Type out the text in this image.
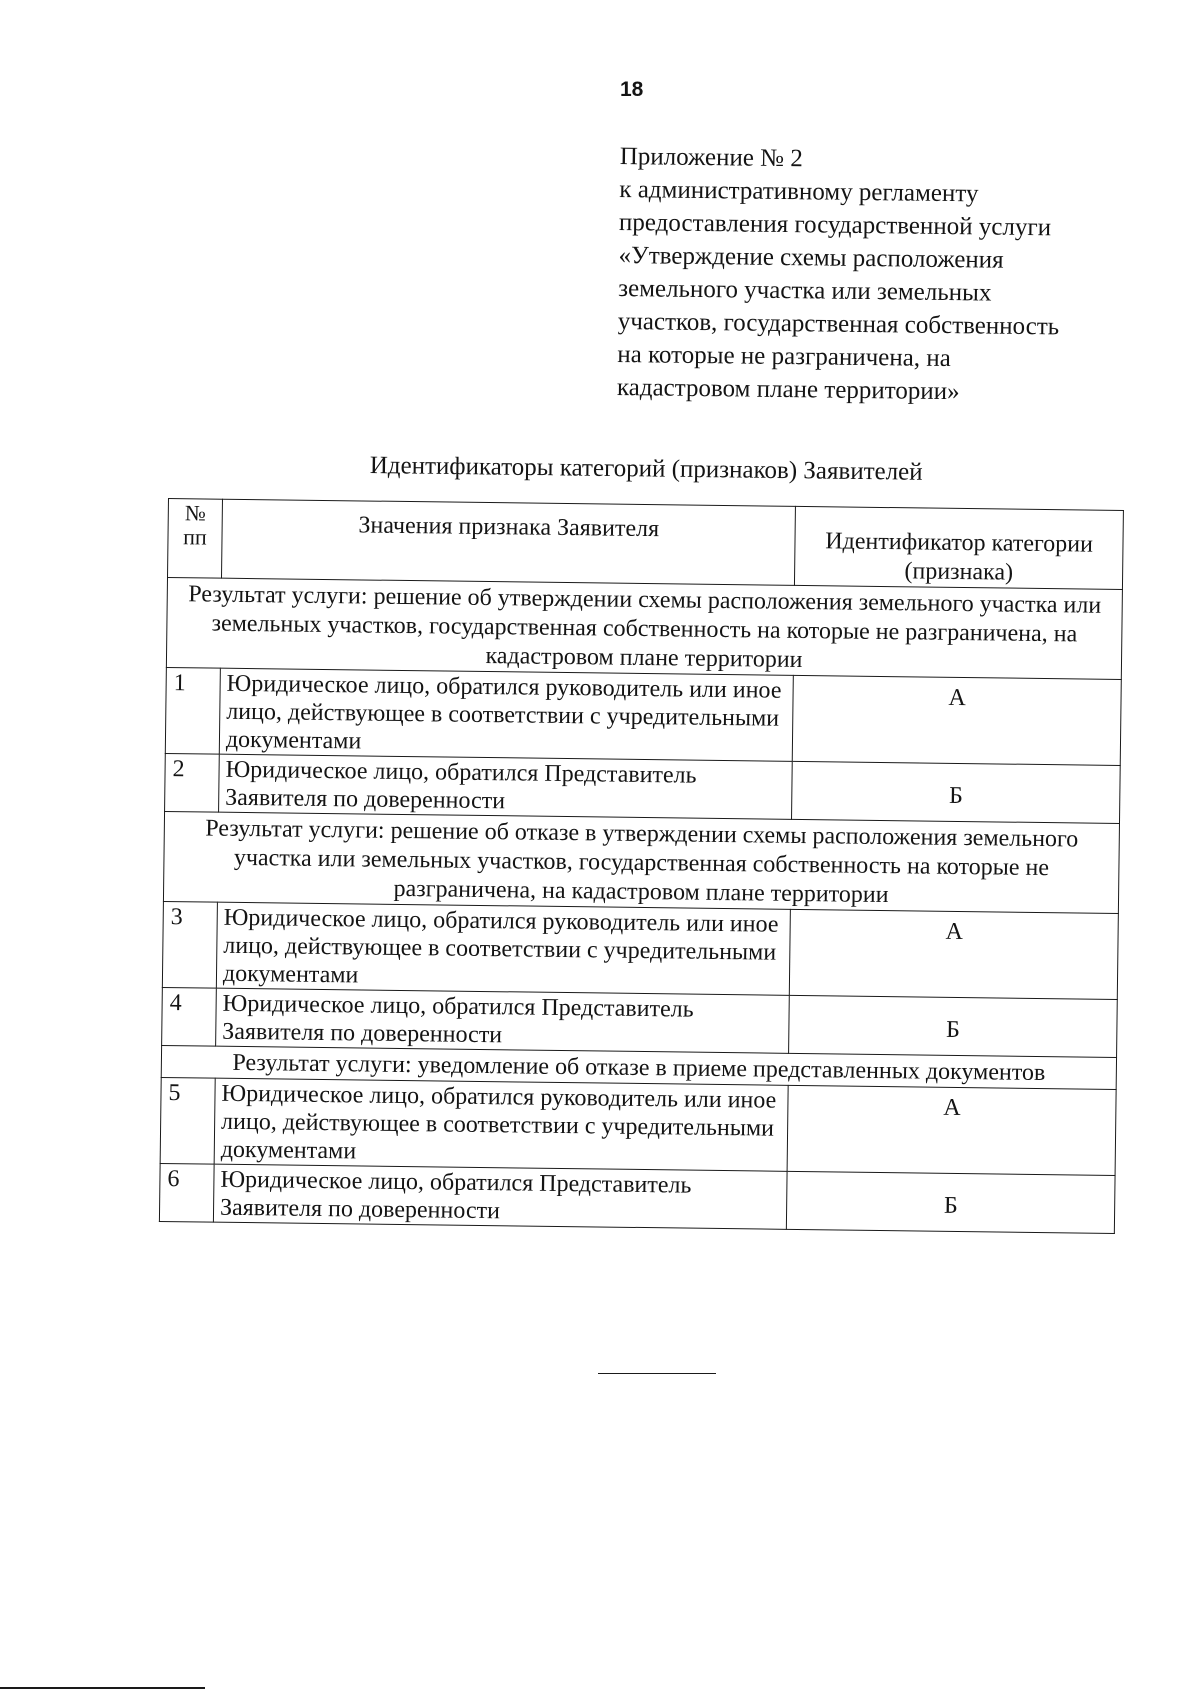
18
Приложение № 2
к административному регламенту
предоставления государственной услуги
«Утверждение схемы расположения
земельного участка или земельных
участков, государственная собственность
на которые не разграничена, на
кадастровом плане территории»
Идентификаторы категорий (признаков) Заявителей
№ пп	Значения признака Заявителя	Идентификатор категории (признака)
Результат услуги: решение об утверждении схемы расположения земельного участка или земельных участков, государственная собственность на которые не разграничена, на кадастровом плане территории		
1	Юридическое лицо, обратился руководитель или иное лицо, действующее в соответствии с учредительными документами	А
2	Юридическое лицо, обратился Представитель Заявителя по доверенности	Б
Результат услуги: решение об отказе в утверждении схемы расположения земельного участка или земельных участков, государственная собственность на которые не разграничена, на кадастровом плане территории		
3	Юридическое лицо, обратился руководитель или иное лицо, действующее в соответствии с учредительными документами	А
4	Юридическое лицо, обратился Представитель Заявителя по доверенности	Б
Результат услуги: уведомление об отказе в приеме представленных документов		
5	Юридическое лицо, обратился руководитель или иное лицо, действующее в соответствии с учредительными документами	А
6	Юридическое лицо, обратился Представитель Заявителя по доверенности	Б
